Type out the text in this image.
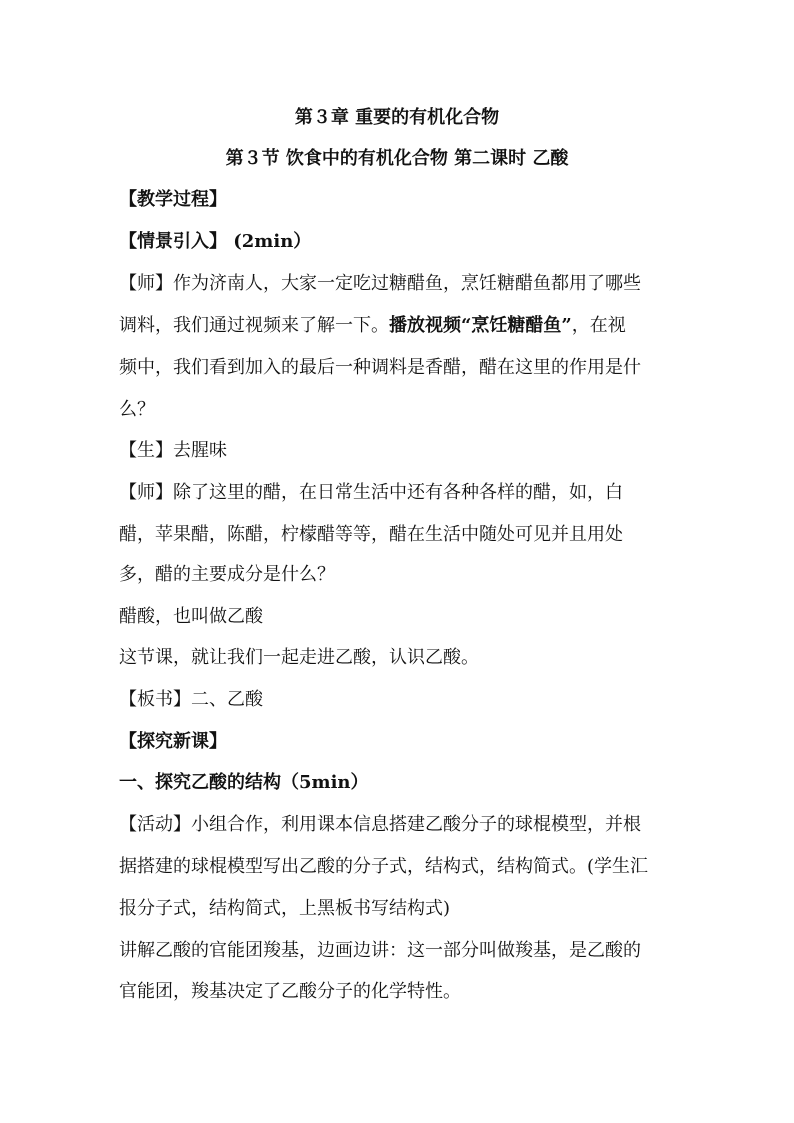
第３章 重要的有机化合物
第３节 饮食中的有机化合物 第二课时 乙酸
【教学过程】
【情景引入】 (2min）
【师】作为济南人，大家一定吃过糖醋鱼，烹饪糖醋鱼都用了哪些
调料，我们通过视频来了解一下。播放视频“烹饪糖醋鱼”，在视
频中，我们看到加入的最后一种调料是香醋，醋在这里的作用是什
么？
【生】去腥味
【师】除了这里的醋，在日常生活中还有各种各样的醋，如，白
醋，苹果醋，陈醋，柠檬醋等等，醋在生活中随处可见并且用处
多，醋的主要成分是什么？
醋酸，也叫做乙酸
这节课，就让我们一起走进乙酸，认识乙酸。
【板书】二、乙酸
【探究新课】
一、探究乙酸的结构（5min）
【活动】小组合作，利用课本信息搭建乙酸分子的球棍模型，并根
据搭建的球棍模型写出乙酸的分子式，结构式，结构简式。(学生汇
报分子式，结构简式，上黑板书写结构式)
讲解乙酸的官能团羧基，边画边讲：这一部分叫做羧基，是乙酸的
官能团，羧基决定了乙酸分子的化学特性。
